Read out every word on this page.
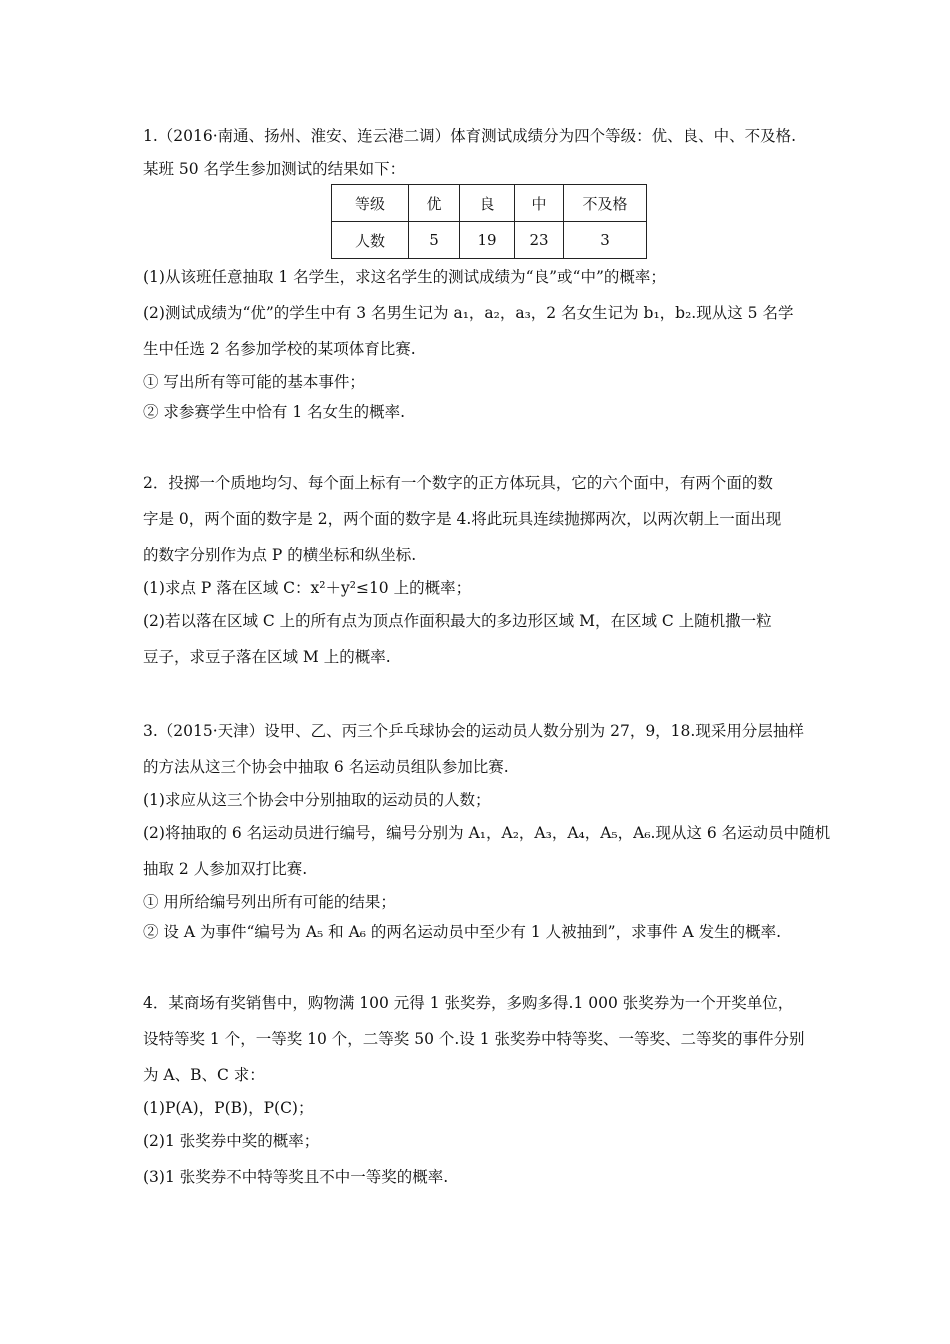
1.（2016·南通、扬州、淮安、连云港二调）体育测试成绩分为四个等级：优、良、中、不及格.
某班 50 名学生参加测试的结果如下：
等级	优	良	中	不及格
人数	5	19	23	3
(1)从该班任意抽取 1 名学生，求这名学生的测试成绩为“良”或“中”的概率；
(2)测试成绩为“优”的学生中有 3 名男生记为 a₁，a₂，a₃，2 名女生记为 b₁，b₂.现从这 5 名学
生中任选 2 名参加学校的某项体育比赛.
① 写出所有等可能的基本事件；
② 求参赛学生中恰有 1 名女生的概率.
2．投掷一个质地均匀、每个面上标有一个数字的正方体玩具，它的六个面中，有两个面的数
字是 0，两个面的数字是 2，两个面的数字是 4.将此玩具连续抛掷两次，以两次朝上一面出现
的数字分别作为点 P 的横坐标和纵坐标.
(1)求点 P 落在区域 C：x²＋y²≤10 上的概率；
(2)若以落在区域 C 上的所有点为顶点作面积最大的多边形区域 M，在区域 C 上随机撒一粒
豆子，求豆子落在区域 M 上的概率.
3.（2015·天津）设甲、乙、丙三个乒乓球协会的运动员人数分别为 27，9，18.现采用分层抽样
的方法从这三个协会中抽取 6 名运动员组队参加比赛.
(1)求应从这三个协会中分别抽取的运动员的人数；
(2)将抽取的 6 名运动员进行编号，编号分别为 A₁，A₂，A₃，A₄，A₅，A₆.现从这 6 名运动员中随机
抽取 2 人参加双打比赛.
① 用所给编号列出所有可能的结果；
② 设 A 为事件“编号为 A₅ 和 A₆ 的两名运动员中至少有 1 人被抽到”，求事件 A 发生的概率.
4．某商场有奖销售中，购物满 100 元得 1 张奖券，多购多得.1 000 张奖券为一个开奖单位，
设特等奖 1 个，一等奖 10 个，二等奖 50 个.设 1 张奖券中特等奖、一等奖、二等奖的事件分别
为 A、B、C 求：
(1)P(A)，P(B)，P(C)；
(2)1 张奖券中奖的概率；
(3)1 张奖券不中特等奖且不中一等奖的概率.
